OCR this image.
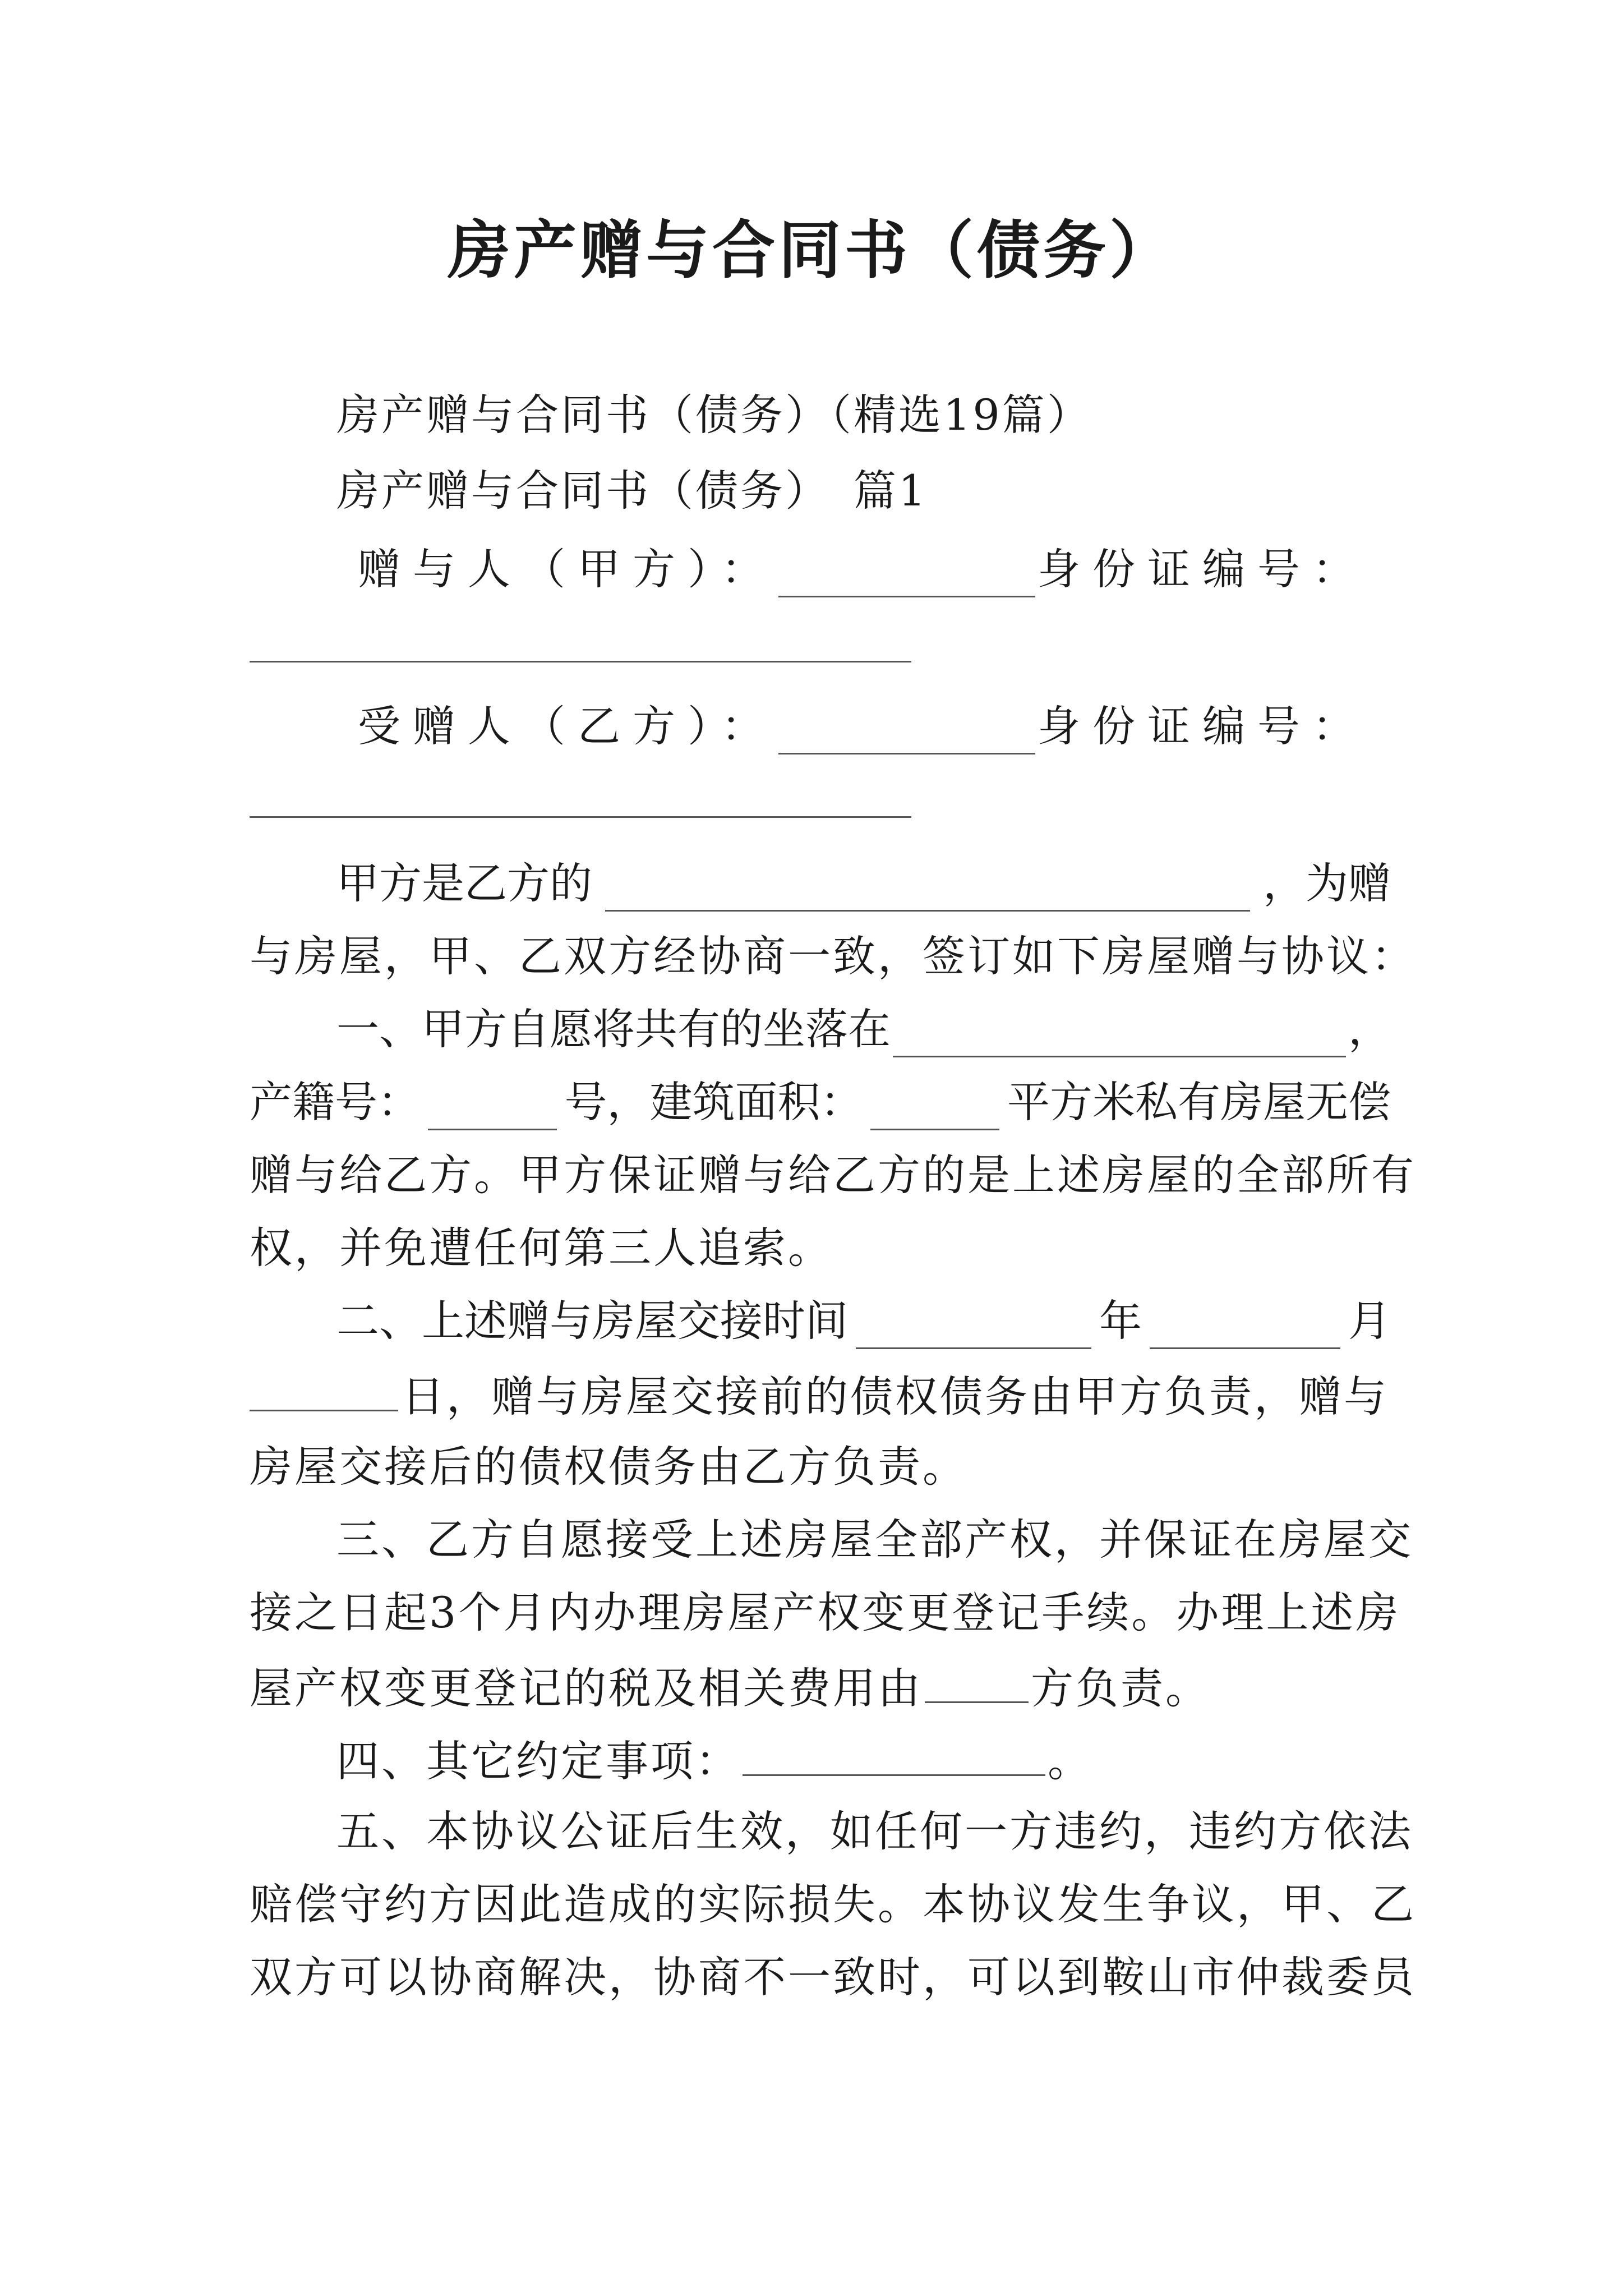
房产赠与合同书（债务）
房产赠与合同书（债务）（精选19篇）
房产赠与合同书（债务）　篇1
赠与人（甲方）：	身份证编号：
受赠人（乙方）：	身份证编号：
甲方是乙方的	，为赠
与房屋，甲、乙双方经协商一致，签订如下房屋赠与协议：
一、甲方自愿将共有的坐落在	，
产籍号：	号，建筑面积：	平方米私有房屋无偿
赠与给乙方。甲方保证赠与给乙方的是上述房屋的全部所有
权，并免遭任何第三人追索。
二、上述赠与房屋交接时间	年	月
日，赠与房屋交接前的债权债务由甲方负责，赠与
房屋交接后的债权债务由乙方负责。
三、乙方自愿接受上述房屋全部产权，并保证在房屋交
接之日起3个月内办理房屋产权变更登记手续。办理上述房
屋产权变更登记的税及相关费用由	方负责。
四、其它约定事项：	。
五、本协议公证后生效，如任何一方违约，违约方依法
赔偿守约方因此造成的实际损失。本协议发生争议，甲、乙
双方可以协商解决，协商不一致时，可以到鞍山市仲裁委员
